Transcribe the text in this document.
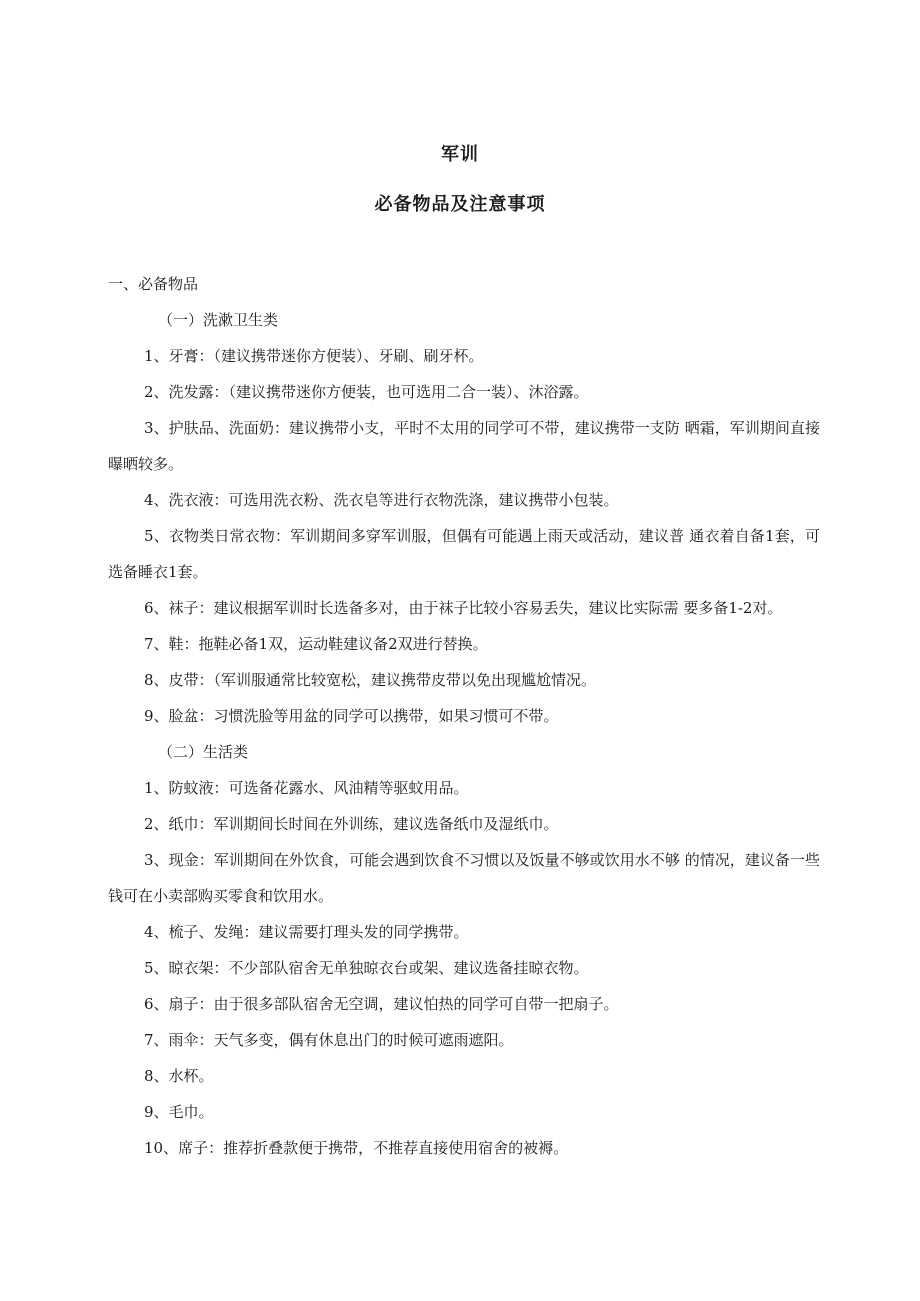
军训
必备物品及注意事项

一、必备物品

（一）洗漱卫生类

1、牙膏：（建议携带迷你方便装）、牙刷、刷牙杯。

2、洗发露：（建议携带迷你方便装，也可选用二合一装）、沐浴露。

3、护肤品、洗面奶：建议携带小支，平时不太用的同学可不带，建议携带一支防 晒霜，军训期间直接曝晒较多。

4、洗衣液：可选用洗衣粉、洗衣皂等进行衣物洗涤，建议携带小包装。

5、衣物类日常衣物：军训期间多穿军训服，但偶有可能遇上雨天或活动，建议普 通衣着自备1套，可选备睡衣1套。

6、袜子：建议根据军训时长选备多对，由于袜子比较小容易丢失，建议比实际需 要多备1-2对。

7、鞋：拖鞋必备1双，运动鞋建议备2双进行替换。

8、皮带：（军训服通常比较宽松，建议携带皮带以免出现尴尬情况。

9、脸盆：习惯洗脸等用盆的同学可以携带，如果习惯可不带。

（二）生活类

1、防蚊液：可选备花露水、风油精等驱蚊用品。

2、纸巾：军训期间长时间在外训练，建议选备纸巾及湿纸巾。

3、现金：军训期间在外饮食，可能会遇到饮食不习惯以及饭量不够或饮用水不够 的情况，建议备一些钱可在小卖部购买零食和饮用水。

4、梳子、发绳：建议需要打理头发的同学携带。

5、晾衣架：不少部队宿舍无单独晾衣台或架、建议选备挂晾衣物。

6、扇子：由于很多部队宿舍无空调，建议怕热的同学可自带一把扇子。

7、雨伞：天气多变，偶有休息出门的时候可遮雨遮阳。

8、水杯。

9、毛巾。

10、席子：推荐折叠款便于携带，不推荐直接使用宿舍的被褥。
